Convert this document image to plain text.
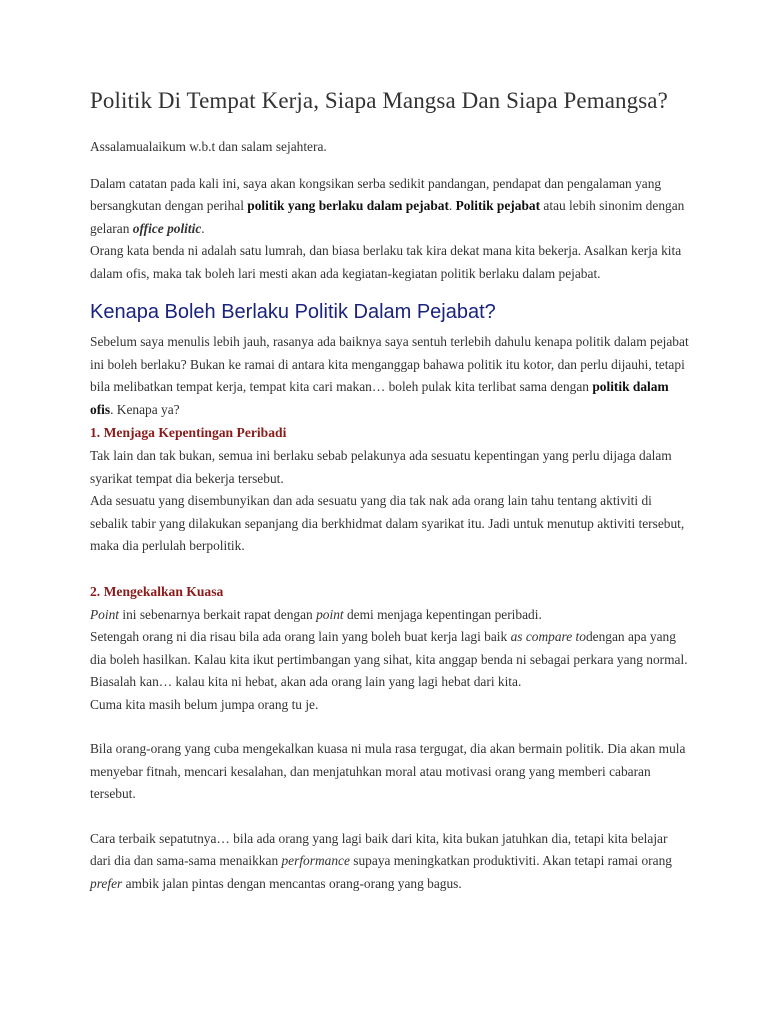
Politik Di Tempat Kerja, Siapa Mangsa Dan Siapa Pemangsa?

Assalamualaikum w.b.t dan salam sejahtera.

Dalam catatan pada kali ini, saya akan kongsikan serba sedikit pandangan, pendapat dan pengalaman yang bersangkutan dengan perihal politik yang berlaku dalam pejabat. Politik pejabat atau lebih sinonim dengan gelaran office politic.

Orang kata benda ni adalah satu lumrah, dan biasa berlaku tak kira dekat mana kita bekerja. Asalkan kerja kita dalam ofis, maka tak boleh lari mesti akan ada kegiatan-kegiatan politik berlaku dalam pejabat.

Kenapa Boleh Berlaku Politik Dalam Pejabat?

Sebelum saya menulis lebih jauh, rasanya ada baiknya saya sentuh terlebih dahulu kenapa politik dalam pejabat ini boleh berlaku? Bukan ke ramai di antara kita menganggap bahawa politik itu kotor, dan perlu dijauhi, tetapi bila melibatkan tempat kerja, tempat kita cari makan… boleh pulak kita terlibat sama dengan politik dalam ofis. Kenapa ya?

1. Menjaga Kepentingan Peribadi

Tak lain dan tak bukan, semua ini berlaku sebab pelakunya ada sesuatu kepentingan yang perlu dijaga dalam syarikat tempat dia bekerja tersebut.

Ada sesuatu yang disembunyikan dan ada sesuatu yang dia tak nak ada orang lain tahu tentang aktiviti di sebalik tabir yang dilakukan sepanjang dia berkhidmat dalam syarikat itu. Jadi untuk menutup aktiviti tersebut, maka dia perlulah berpolitik.

2. Mengekalkan Kuasa

Point ini sebenarnya berkait rapat dengan point demi menjaga kepentingan peribadi.

Setengah orang ni dia risau bila ada orang lain yang boleh buat kerja lagi baik as compare todengan apa yang dia boleh hasilkan. Kalau kita ikut pertimbangan yang sihat, kita anggap benda ni sebagai perkara yang normal. Biasalah kan… kalau kita ni hebat, akan ada orang lain yang lagi hebat dari kita.

Cuma kita masih belum jumpa orang tu je.

Bila orang-orang yang cuba mengekalkan kuasa ni mula rasa tergugat, dia akan bermain politik. Dia akan mula menyebar fitnah, mencari kesalahan, dan menjatuhkan moral atau motivasi orang yang memberi cabaran tersebut.

Cara terbaik sepatutnya… bila ada orang yang lagi baik dari kita, kita bukan jatuhkan dia, tetapi kita belajar dari dia dan sama-sama menaikkan performance supaya meningkatkan produktiviti. Akan tetapi ramai orang prefer ambik jalan pintas dengan mencantas orang-orang yang bagus.
